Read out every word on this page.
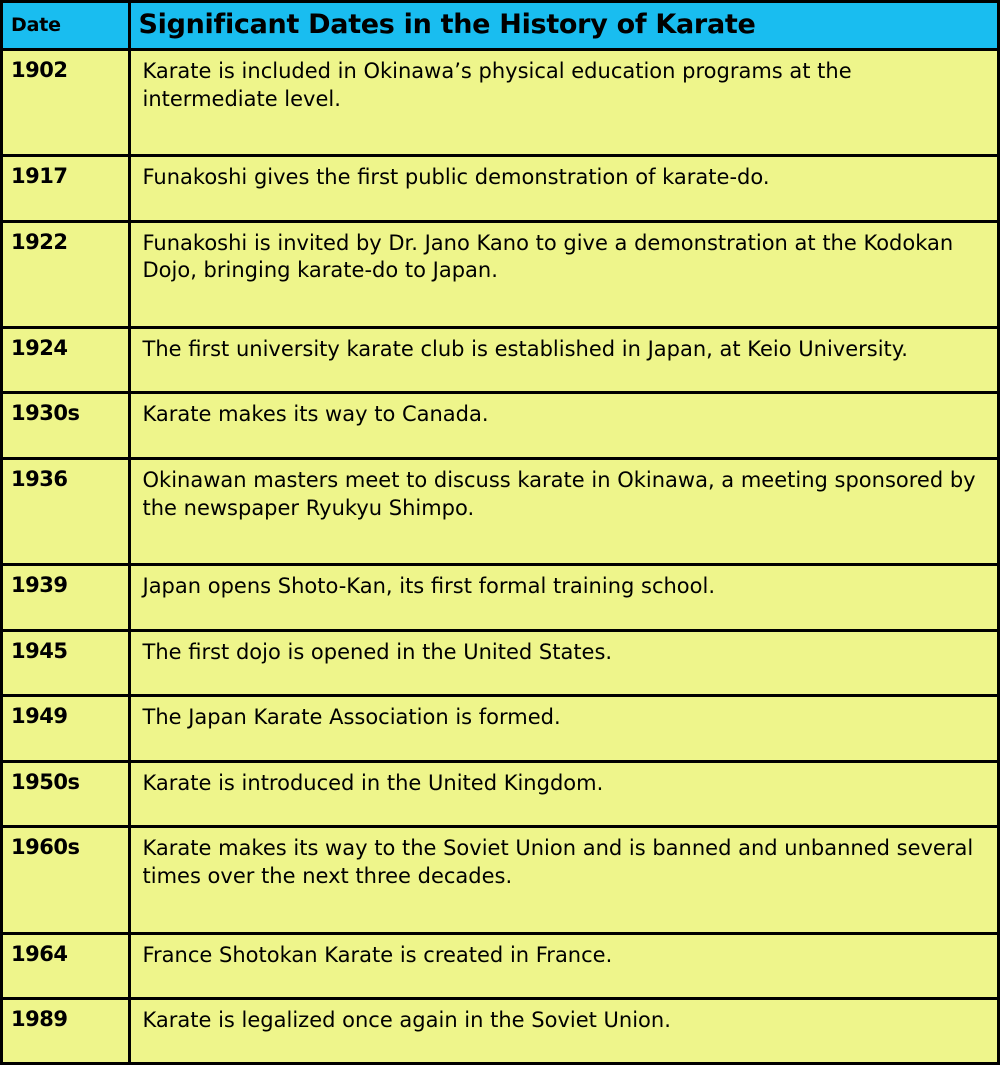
Date	Significant Dates in the History of Karate
1902	Karate is included in Okinawa’s physical education programs at the intermediate level.
1917	Funakoshi gives the first public demonstration of karate-do.
1922	Funakoshi is invited by Dr. Jano Kano to give a demonstration at the Kodokan Dojo, bringing karate-do to Japan.
1924	The first university karate club is established in Japan, at Keio University.
1930s	Karate makes its way to Canada.
1936	Okinawan masters meet to discuss karate in Okinawa, a meeting sponsored by the newspaper Ryukyu Shimpo.
1939	Japan opens Shoto-Kan, its first formal training school.
1945	The first dojo is opened in the United States.
1949	The Japan Karate Association is formed.
1950s	Karate is introduced in the United Kingdom.
1960s	Karate makes its way to the Soviet Union and is banned and unbanned several times over the next three decades.
1964	France Shotokan Karate is created in France.
1989	Karate is legalized once again in the Soviet Union.
